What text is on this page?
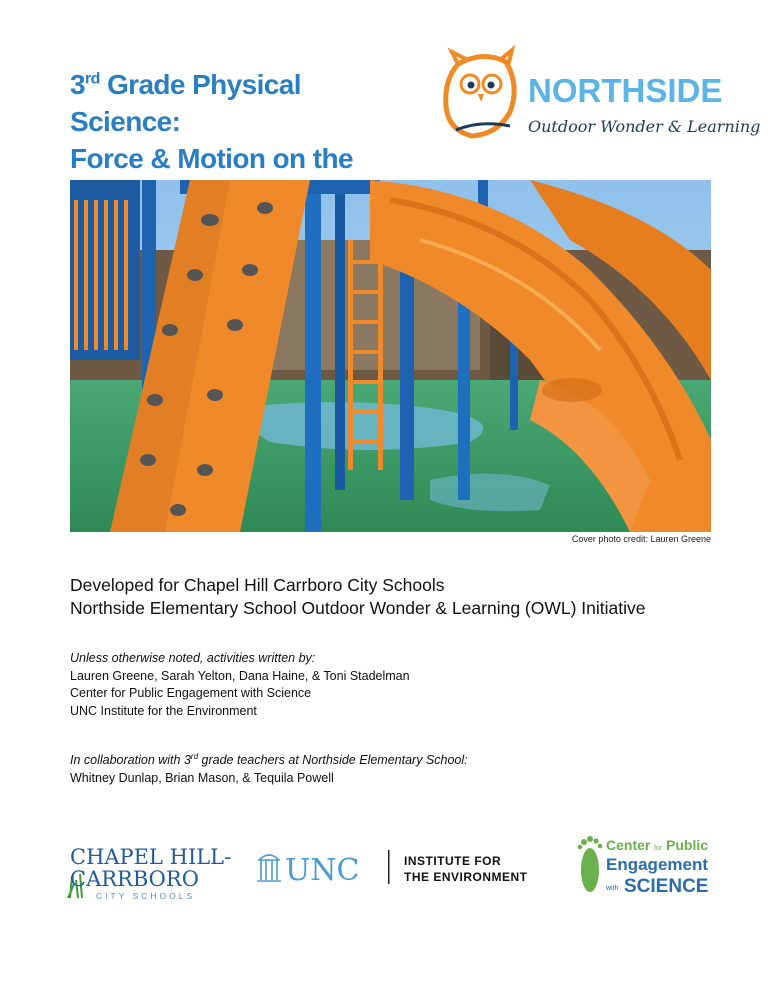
3rd Grade Physical Science:
Force & Motion on the

NORTHSIDE
Outdoor Wonder & Learning
Cover photo credit: Lauren Greene
Developed for Chapel Hill Carrboro City Schools
Northside Elementary School Outdoor Wonder & Learning (OWL) Initiative
Unless otherwise noted, activities written by:
Lauren Greene, Sarah Yelton, Dana Haine, & Toni Stadelman
Center for Public Engagement with Science
UNC Institute for the Environment
In collaboration with 3rd grade teachers at Northside Elementary School:
Whitney Dunlap, Brian Mason, & Tequila Powell
CHAPEL HILL-
CARRBORO
CITY SCHOOLS
UNC	INSTITUTE FOR
THE ENVIRONMENT
Center for Public
Engagement
with SCIENCE
